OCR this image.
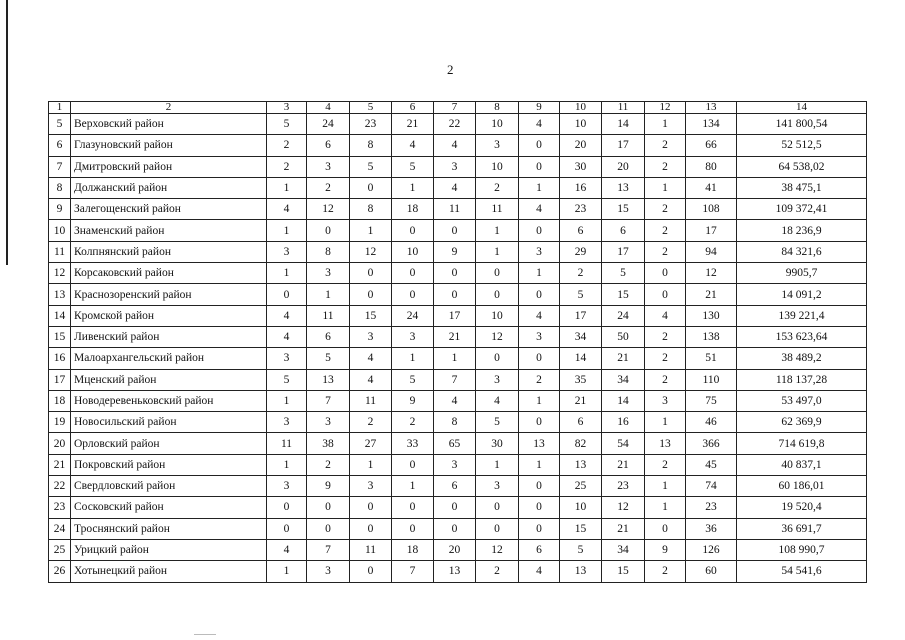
2
1	2	3	4	5	6	7	8	9	10	11	12	13	14
5	Верховский район	5	24	23	21	22	10	4	10	14	1	134	141 800,54
6	Глазуновский район	2	6	8	4	4	3	0	20	17	2	66	52 512,5
7	Дмитровский район	2	3	5	5	3	10	0	30	20	2	80	64 538,02
8	Должанский район	1	2	0	1	4	2	1	16	13	1	41	38 475,1
9	Залегощенский район	4	12	8	18	11	11	4	23	15	2	108	109 372,41
10	Знаменский район	1	0	1	0	0	1	0	6	6	2	17	18 236,9
11	Колпнянский район	3	8	12	10	9	1	3	29	17	2	94	84 321,6
12	Корсаковский район	1	3	0	0	0	0	1	2	5	0	12	9905,7
13	Краснозоренский район	0	1	0	0	0	0	0	5	15	0	21	14 091,2
14	Кромской район	4	11	15	24	17	10	4	17	24	4	130	139 221,4
15	Ливенский район	4	6	3	3	21	12	3	34	50	2	138	153 623,64
16	Малоархангельский район	3	5	4	1	1	0	0	14	21	2	51	38 489,2
17	Мценский район	5	13	4	5	7	3	2	35	34	2	110	118 137,28
18	Новодеревеньковский район	1	7	11	9	4	4	1	21	14	3	75	53 497,0
19	Новосильский район	3	3	2	2	8	5	0	6	16	1	46	62 369,9
20	Орловский район	11	38	27	33	65	30	13	82	54	13	366	714 619,8
21	Покровский район	1	2	1	0	3	1	1	13	21	2	45	40 837,1
22	Свердловский район	3	9	3	1	6	3	0	25	23	1	74	60 186,01
23	Сосковский район	0	0	0	0	0	0	0	10	12	1	23	19 520,4
24	Троснянский район	0	0	0	0	0	0	0	15	21	0	36	36 691,7
25	Урицкий район	4	7	11	18	20	12	6	5	34	9	126	108 990,7
26	Хотынецкий район	1	3	0	7	13	2	4	13	15	2	60	54 541,6
